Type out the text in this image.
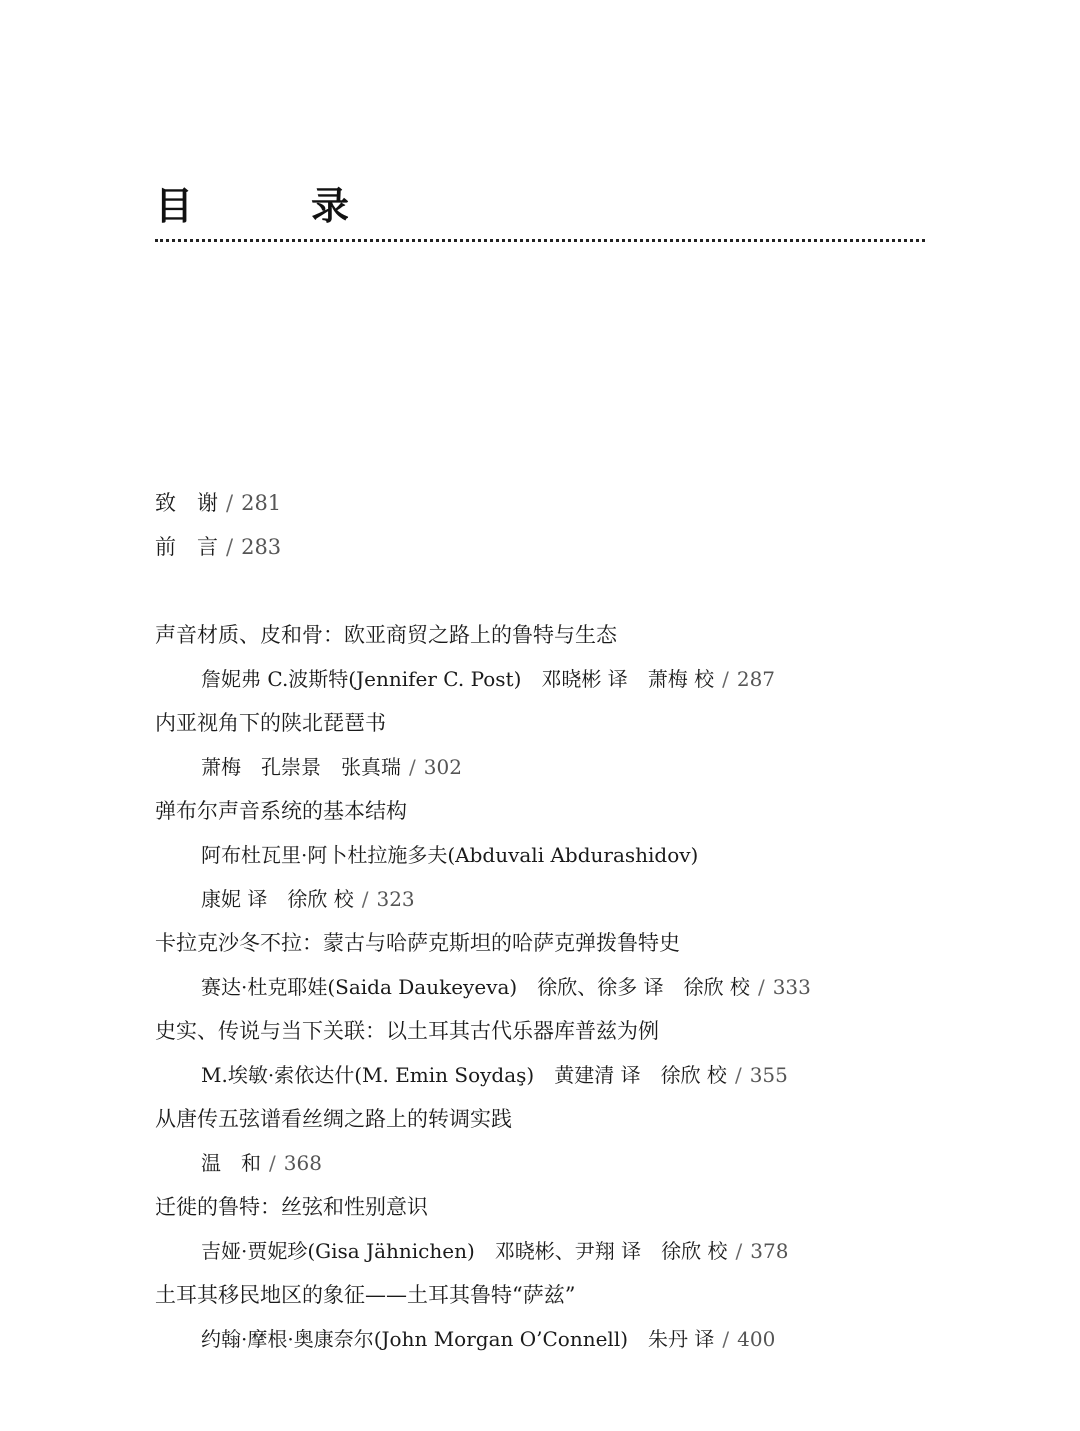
目　录
致　谢 / 281
前　言 / 283
声音材质、皮和骨：欧亚商贸之路上的鲁特与生态
詹妮弗 C.波斯特(Jennifer C. Post)　邓晓彬 译　萧梅 校 / 287
内亚视角下的陕北琵琶书
萧梅　孔崇景　张真瑞 / 302
弹布尔声音系统的基本结构
阿布杜瓦里·阿卜杜拉施多夫(Abduvali Abdurashidov)
康妮 译　徐欣 校 / 323
卡拉克沙冬不拉：蒙古与哈萨克斯坦的哈萨克弹拨鲁特史
赛达·杜克耶娃(Saida Daukeyeva)　徐欣、徐多 译　徐欣 校 / 333
史实、传说与当下关联：以土耳其古代乐器库普兹为例
M.埃敏·索依达什(M. Emin Soydaş)　黄建清 译　徐欣 校 / 355
从唐传五弦谱看丝绸之路上的转调实践
温　和 / 368
迁徙的鲁特：丝弦和性别意识
吉娅·贾妮珍(Gisa Jähnichen)　邓晓彬、尹翔 译　徐欣 校 / 378
土耳其移民地区的象征——土耳其鲁特“萨兹”
约翰·摩根·奥康奈尔(John Morgan O’Connell)　朱丹 译 / 400
